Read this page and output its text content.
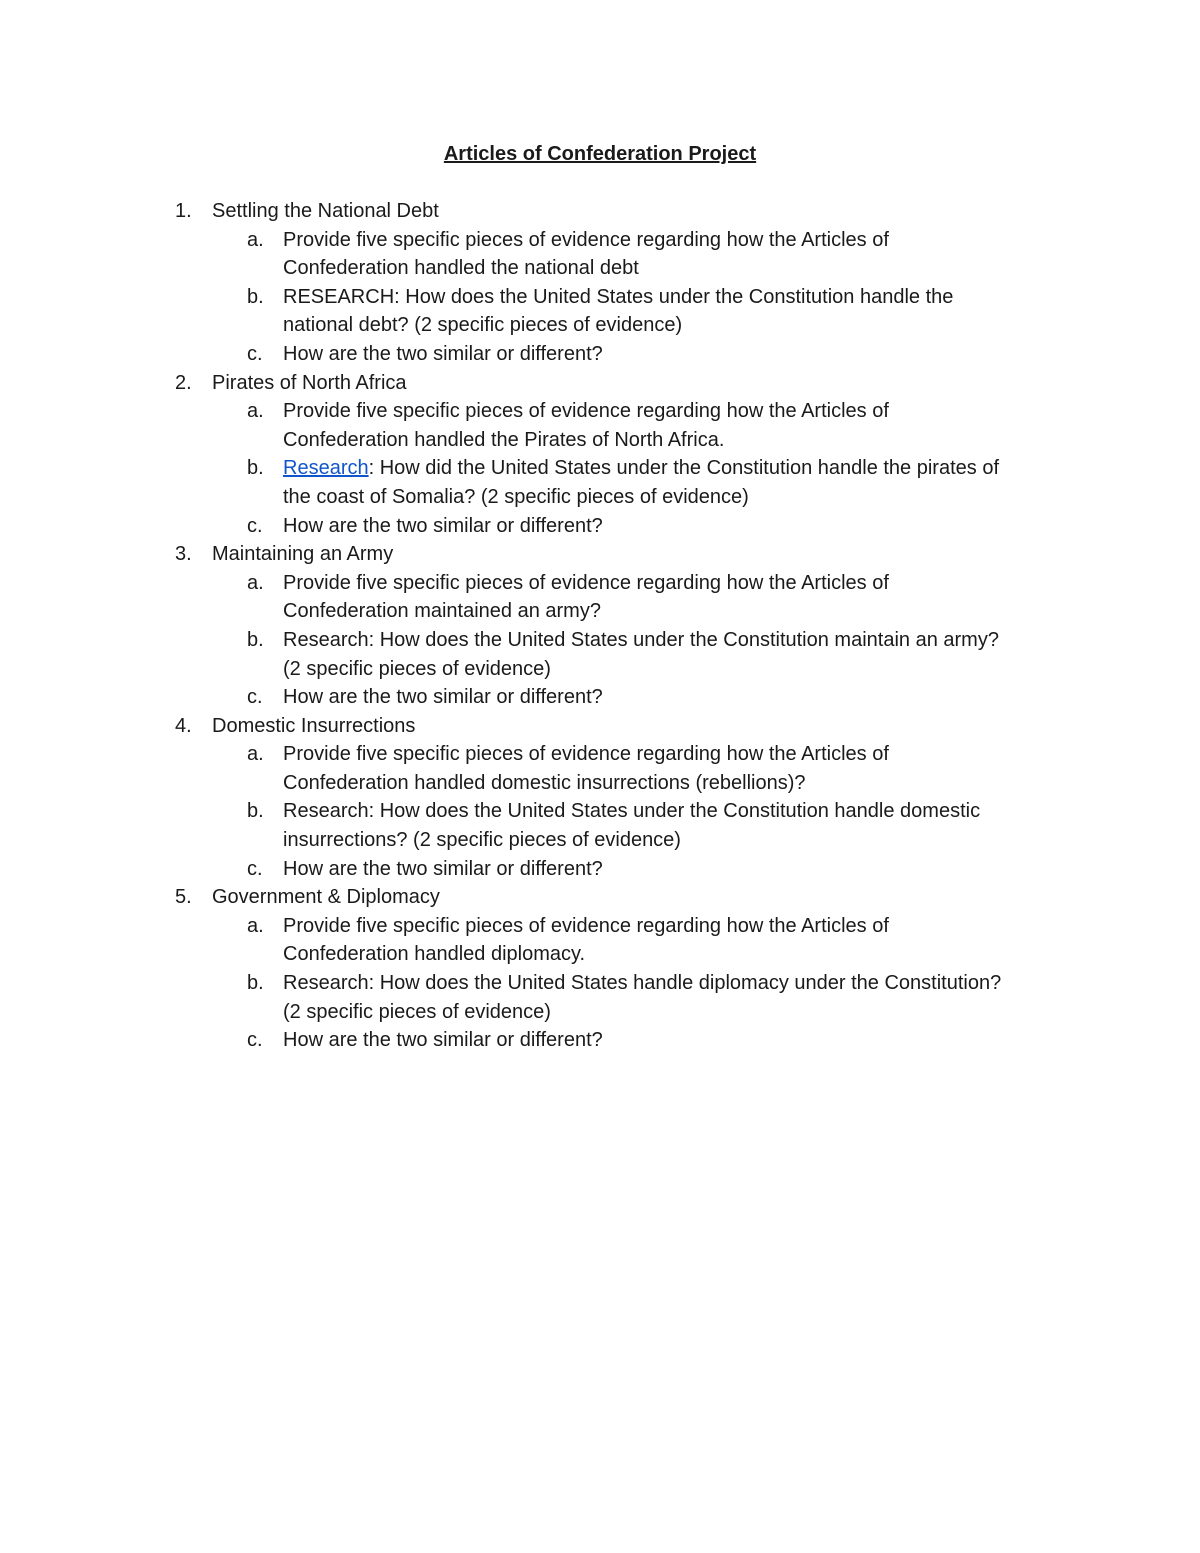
Articles of Confederation Project
1. Settling the National Debt
a. Provide five specific pieces of evidence regarding how the Articles of
Confederation handled the national debt
b. RESEARCH: How does the United States under the Constitution handle the
national debt? (2 specific pieces of evidence)
c. How are the two similar or different?
2. Pirates of North Africa
a. Provide five specific pieces of evidence regarding how the Articles of
Confederation handled the Pirates of North Africa.
b. Research: How did the United States under the Constitution handle the pirates of
the coast of Somalia? (2 specific pieces of evidence)
c. How are the two similar or different?
3. Maintaining an Army
a. Provide five specific pieces of evidence regarding how the Articles of
Confederation maintained an army?
b. Research: How does the United States under the Constitution maintain an army?
(2 specific pieces of evidence)
c. How are the two similar or different?
4. Domestic Insurrections
a. Provide five specific pieces of evidence regarding how the Articles of
Confederation handled domestic insurrections (rebellions)?
b. Research: How does the United States under the Constitution handle domestic
insurrections? (2 specific pieces of evidence)
c. How are the two similar or different?
5. Government & Diplomacy
a. Provide five specific pieces of evidence regarding how the Articles of
Confederation handled diplomacy.
b. Research: How does the United States handle diplomacy under the Constitution?
(2 specific pieces of evidence)
c. How are the two similar or different?
